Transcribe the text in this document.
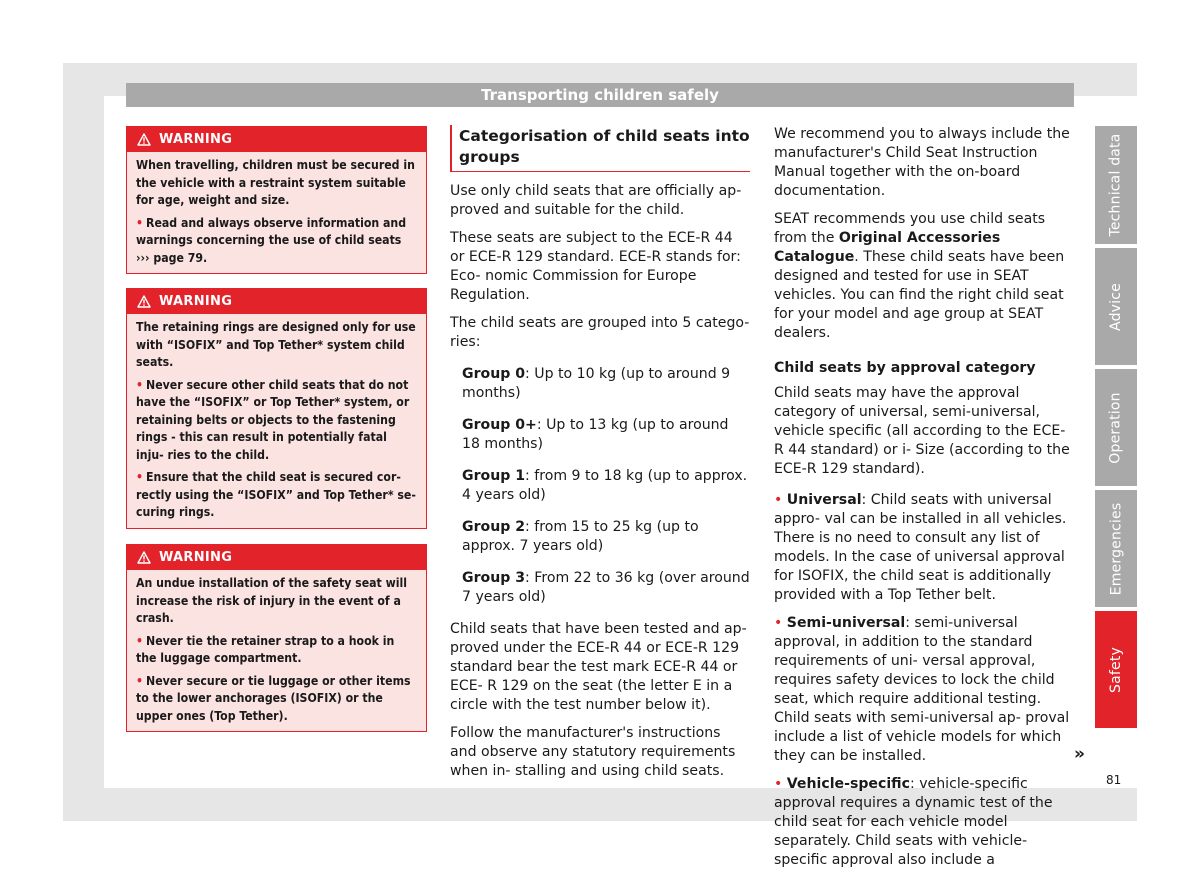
Transporting children safely
WARNING

When travelling, children must be secured in the vehicle with a restraint system suitable for age, weight and size.

• Read and always observe information and warnings concerning the use of child seats
››› page 79.

WARNING

The retaining rings are designed only for use with “ISOFIX” and Top Tether* system child seats.

• Never secure other child seats that do not have the “ISOFIX” or Top Tether* system, or retaining belts or objects to the fastening rings - this can result in potentially fatal inju- ries to the child.

• Ensure that the child seat is secured cor- rectly using the “ISOFIX” and Top Tether* se- curing rings.

WARNING

An undue installation of the safety seat will increase the risk of injury in the event of a crash.

• Never tie the retainer strap to a hook in the luggage compartment.

• Never secure or tie luggage or other items to the lower anchorages (ISOFIX) or the upper ones (Top Tether).

Categorisation of child seats into groups

Use only child seats that are officially ap- proved and suitable for the child.

These seats are subject to the ECE-R 44 or ECE-R 129 standard. ECE-R stands for: Eco- nomic Commission for Europe Regulation.

The child seats are grouped into 5 catego- ries:

Group 0: Up to 10 kg (up to around 9 months)

Group 0+: Up to 13 kg (up to around 18 months)

Group 1: from 9 to 18 kg (up to approx. 4 years old)

Group 2: from 15 to 25 kg (up to approx. 7 years old)

Group 3: From 22 to 36 kg (over around 7 years old)

Child seats that have been tested and ap- proved under the ECE-R 44 or ECE-R 129 standard bear the test mark ECE-R 44 or ECE- R 129 on the seat (the letter E in a circle with the test number below it).

Follow the manufacturer's instructions and observe any statutory requirements when in- stalling and using child seats.

We recommend you to always include the manufacturer's Child Seat Instruction Manual together with the on-board documentation.

SEAT recommends you use child seats from the Original Accessories Catalogue. These child seats have been designed and tested for use in SEAT vehicles. You can find the right child seat for your model and age group at SEAT dealers.

Child seats by approval category

Child seats may have the approval category of universal, semi-universal, vehicle specific (all according to the ECE-R 44 standard) or i- Size (according to the ECE-R 129 standard).

• Universal: Child seats with universal appro- val can be installed in all vehicles. There is no need to consult any list of models. In the case of universal approval for ISOFIX, the child seat is additionally provided with a Top Tether belt.

• Semi-universal: semi-universal approval, in addition to the standard requirements of uni- versal approval, requires safety devices to lock the child seat, which require additional testing. Child seats with semi-universal ap- proval include a list of vehicle models for which they can be installed.

• Vehicle-specific: vehicle-specific approval requires a dynamic test of the child seat for each vehicle model separately. Child seats with vehicle-specific approval also include a

»
Technical data
Advice
Operation
Emergencies
Safety
81
